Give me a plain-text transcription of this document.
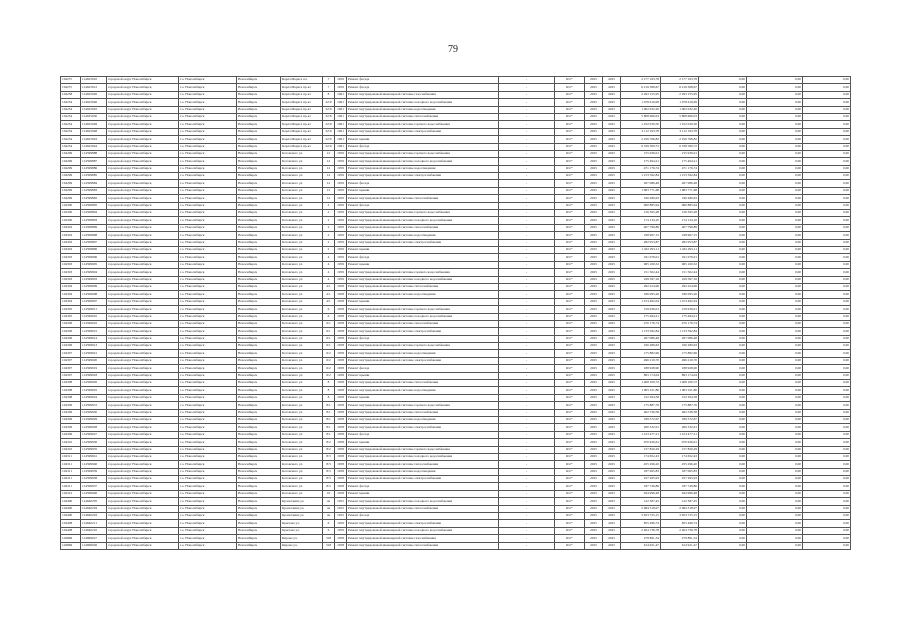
79
104257	114625910	городской округ Новосибирск	г.о. Новосибирск	Новосибирск	Карла Маркса пл.	7	1959	Ремонт фасада	-	RU*	2025	2025	2 177 193,78	2 177 193,78	0,00	0,00	0,00
104257	114625912	городской округ Новосибирск	г.о. Новосибирск	Новосибирск	Карла Маркса пр-кт	7	1959	Ремонт фасада	-	RU*	2025	2025	6 219 368,67	6 219 368,67	0,00	0,00	0,00
104258	114625926	городской округ Новосибирск	г.о. Новосибирск	Новосибирск	Карла Маркса пр-кт	8	1961	Ремонт внутридомовой инженерной системы газоснабжения	-	RU*	2025	2025	2 293 155,95	2 293 155,95	0,00	0,00	0,00
104254	114625946	городской округ Новосибирск	г.о. Новосибирск	Новосибирск	Карла Маркса пр-кт	22/9	1961	Ремонт внутридомовой инженерной системы холодного водоснабжения	-	RU*	2025	2025	1 078 619,09	1 078 619,09	0,00	0,00	0,00
104254	114625945	городской округ Новосибирск	г.о. Новосибирск	Новосибирск	Карла Маркса пр-кт	22/9	1961	Ремонт внутридомовой инженерной системы водоотведения	-	RU*	2025	2025	1 002 032,20	1 002 032,20	0,00	0,00	0,00
104254	114625950	городской округ Новосибирск	г.о. Новосибирск	Новосибирск	Карла Маркса пр-кт	22/9	1961	Ремонт внутридомовой инженерной системы теплоснабжения	-	RU*	2025	2025	5 808 666,03	5 808 666,03	0,00	0,00	0,00
104254	114625949	городской округ Новосибирск	г.о. Новосибирск	Новосибирск	Карла Маркса пр-кт	22/9	1961	Ремонт внутридомовой инженерной системы горячего водоснабжения	-	RU*	2025	2025	1 252 030,50	1 252 030,50	0,00	0,00	0,00
104254	114625948	городской округ Новосибирск	г.о. Новосибирск	Новосибирск	Карла Маркса пр-кт	22/9	1961	Ремонт внутридомовой инженерной системы электроснабжения	-	RU*	2025	2025	3 112 193,78	3 112 193,78	0,00	0,00	0,00
104254	114625943	городской округ Новосибирск	г.о. Новосибирск	Новосибирск	Карла Маркса пр-кт	22/9	1961	Ремонт крыши	-	RU*	2025	2025	2 256 766,82	2 256 766,82	0,00	0,00	0,00
104254	114625944	городской округ Новосибирск	г.о. Новосибирск	Новосибирск	Карла Маркса пр-кт	22/9	1961	Ремонт фасада	-	RU*	2025	2025	6 539 569,72	6 539 569,72	0,00	0,00	0,00
104299	114599888	городской округ Новосибирск	г.о. Новосибирск	Новосибирск	Котовского ул.	12	1959	Ремонт внутридомовой инженерной системы горячего водоснабжения	-	RU*	2025	2025	155 936,01	155 936,01	0,00	0,00	0,00
104299	114599887	городской округ Новосибирск	г.о. Новосибирск	Новосибирск	Котовского ул.	12	1959	Ремонт внутридомовой инженерной системы холодного водоснабжения	-	RU*	2025	2025	175 494,21	175 494,21	0,00	0,00	0,00
104299	114599886	городской округ Новосибирск	г.о. Новосибирск	Новосибирск	Котовского ул.	12	1959	Ремонт внутридомовой инженерной системы водоотведения	-	RU*	2025	2025	471 176,74	471 176,74	0,00	0,00	0,00
104299	114599885	городской округ Новосибирск	г.о. Новосибирск	Новосибирск	Котовского ул.	12	1959	Ремонт внутридомовой инженерной системы электроснабжения	-	RU*	2025	2025	1 153 592,84	1 153 592,84	0,00	0,00	0,00
104299	114599884	городской округ Новосибирск	г.о. Новосибирск	Новосибирск	Котовского ул.	12	1959	Ремонт фасада	-	RU*	2025	2025	267 086,48	267 086,48	0,00	0,00	0,00
104299	114599883	городской округ Новосибирск	г.о. Новосибирск	Новосибирск	Котовского ул.	12	1959	Ремонт крыши	-	RU*	2025	2025	1 683 771,68	1 683 771,68	0,00	0,00	0,00
104299	114599882	городской округ Новосибирск	г.о. Новосибирск	Новосибирск	Котовского ул.	12	1959	Ремонт внутридомовой инженерной системы теплоснабжения	-	RU*	2025	2025	190 280,63	190 280,63	0,00	0,00	0,00
104300	114599895	городской округ Новосибирск	г.о. Новосибирск	Новосибирск	Котовского ул.	2	1959	Ремонт фасада	-	RU*	2025	2025	960 885,94	960 885,94	0,00	0,00	0,00
104300	114599894	городской округ Новосибирск	г.о. Новосибирск	Новосибирск	Котовского ул.	2	1959	Ремонт внутридомовой инженерной системы горячего водоснабжения	-	RU*	2025	2025	156 595,28	156 595,28	0,00	0,00	0,00
104300	114599893	городской округ Новосибирск	г.о. Новосибирск	Новосибирск	Котовского ул.	2	1959	Ремонт внутридомовой инженерной системы холодного водоснабжения	-	RU*	2025	2025	174 134,10	174 134,10	0,00	0,00	0,00
104302	114599899	городской округ Новосибирск	г.о. Новосибирск	Новосибирск	Котовского ул.	2	1959	Ремонт внутридомовой инженерной системы теплоснабжения	-	RU*	2025	2025	407 799,89	407 799,89	0,00	0,00	0,00
104302	114599898	городской округ Новосибирск	г.о. Новосибирск	Новосибирск	Котовского ул.	2	1959	Ремонт внутридомовой инженерной системы водоотведения	-	RU*	2025	2025	198 967,15	198 967,15	0,00	0,00	0,00
104302	114599897	городской округ Новосибирск	г.о. Новосибирск	Новосибирск	Котовского ул.	2	1959	Ремонт внутридомовой инженерной системы электроснабжения	-	RU*	2025	2025	282 953,87	282 953,87	0,00	0,00	0,00
104302	114599896	городской округ Новосибирск	г.о. Новосибирск	Новосибирск	Котовского ул.	2	1959	Ремонт крыши	-	RU*	2025	2025	1 432 293,11	1 432 293,11	0,00	0,00	0,00
104303	114599906	городской округ Новосибирск	г.о. Новосибирск	Новосибирск	Котовского ул.	4	1959	Ремонт фасада	-	RU*	2025	2025	191 076,01	191 076,01	0,00	0,00	0,00
104303	114599905	городской округ Новосибирск	г.о. Новосибирск	Новосибирск	Котовского ул.	4	1959	Ремонт крыши	-	RU*	2025	2025	965 100,52	965 100,52	0,00	0,00	0,00
104303	114599904	городской округ Новосибирск	г.о. Новосибирск	Новосибирск	Котовского ул.	4	1959	Ремонт внутридомовой инженерной системы горячего водоснабжения	-	RU*	2025	2025	151 502,44	151 502,44	0,00	0,00	0,00
104303	114599903	городской округ Новосибирск	г.о. Новосибирск	Новосибирск	Котовского ул.	4	1959	Ремонт внутридомовой инженерной системы холодного водоснабжения	-	RU*	2025	2025	169 597,16	169 597,16	0,00	0,00	0,00
104304	114599909	городской округ Новосибирск	г.о. Новосибирск	Новосибирск	Котовского ул.	4/1	1958	Ремонт внутридомовой инженерной системы теплоснабжения	-	RU*	2025	2025	292 224,96	292 224,96	0,00	0,00	0,00
104304	114599908	городской округ Новосибирск	г.о. Новосибирск	Новосибирск	Котовского ул.	4/1	1958	Ремонт внутридомовой инженерной системы водоотведения	-	RU*	2025	2025	186 095,26	186 095,26	0,00	0,00	0,00
104304	114599907	городской округ Новосибирск	г.о. Новосибирск	Новосибирск	Котовского ул.	4/1	1958	Ремонт крыши	-	RU*	2025	2025	1 474 492,04	1 474 492,04	0,00	0,00	0,00
104305	114599911	городской округ Новосибирск	г.о. Новосибирск	Новосибирск	Котовского ул.	6	1958	Ремонт внутридомовой инженерной системы горячего водоснабжения	-	RU*	2025	2025	159 936,01	159 936,01	0,00	0,00	0,00
104305	114599910	городской округ Новосибирск	г.о. Новосибирск	Новосибирск	Котовского ул.	6	1958	Ремонт внутридомовой инженерной системы холодного водоснабжения	-	RU*	2025	2025	175 494,21	175 494,21	0,00	0,00	0,00
104306	114599916	городской округ Новосибирск	г.о. Новосибирск	Новосибирск	Котовского ул.	6/1	1958	Ремонт внутридомовой инженерной системы теплоснабжения	-	RU*	2025	2025	470 176,74	470 176,74	0,00	0,00	0,00
104306	114599915	городской округ Новосибирск	г.о. Новосибирск	Новосибирск	Котовского ул.	6/1	1958	Ремонт внутридомовой инженерной системы электроснабжения	-	RU*	2025	2025	1 133 592,84	1 133 592,84	0,00	0,00	0,00
104306	114599914	городской округ Новосибирск	г.о. Новосибирск	Новосибирск	Котовского ул.	6/1	1958	Ремонт фасада	-	RU*	2025	2025	267 086,48	267 086,48	0,00	0,00	0,00
104306	114599913	городской округ Новосибирск	г.о. Новосибирск	Новосибирск	Котовского ул.	6/1	1958	Ремонт внутридомовой инженерной системы горячего водоснабжения	-	RU*	2025	2025	190 280,63	190 280,63	0,00	0,00	0,00
104307	114599921	городской округ Новосибирск	г.о. Новосибирск	Новосибирск	Котовского ул.	6/2	1958	Ремонт внутридомовой инженерной системы водоотведения	-	RU*	2025	2025	175 882,96	175 882,96	0,00	0,00	0,00
104307	114599920	городской округ Новосибирск	г.о. Новосибирск	Новосибирск	Котовского ул.	6/2	1958	Ремонт внутридомовой инженерной системы электроснабжения	-	RU*	2025	2025	496 219,70	496 219,70	0,00	0,00	0,00
104307	114599919	городской округ Новосибирск	г.о. Новосибирск	Новосибирск	Котовского ул.	6/2	1958	Ремонт фасада	-	RU*	2025	2025	188 928,90	188 928,90	0,00	0,00	0,00
104307	114599918	городской округ Новосибирск	г.о. Новосибирск	Новосибирск	Котовского ул.	6/2	1958	Ремонт крыши	-	RU*	2025	2025	893 174,04	893 174,04	0,00	0,00	0,00
104308	114599926	городской округ Новосибирск	г.о. Новосибирск	Новосибирск	Котовского ул.	8	1958	Ремонт внутридомовой инженерной системы теплоснабжения	-	RU*	2025	2025	1 408 100,72	1 408 100,72	0,00	0,00	0,00
104308	114599925	городской округ Новосибирск	г.о. Новосибирск	Новосибирск	Котовского ул.	8	1958	Ремонт внутридомовой инженерной системы водоотведения	-	RU*	2025	2025	1 005 011,80	1 005 011,80	0,00	0,00	0,00
104308	114599924	городской округ Новосибирск	г.о. Новосибирск	Новосибирск	Котовского ул.	8	1958	Ремонт крыши	-	RU*	2025	2025	152 294,58	152 294,58	0,00	0,00	0,00
104309	114599931	городской округ Новосибирск	г.о. Новосибирск	Новосибирск	Котовского ул.	8/1	1958	Ремонт внутридомовой инженерной системы горячего водоснабжения	-	RU*	2025	2025	175 887,76	175 887,76	0,00	0,00	0,00
104309	114599930	городской округ Новосибирск	г.о. Новосибирск	Новосибирск	Котовского ул.	8/1	1958	Ремонт внутридомовой инженерной системы теплоснабжения	-	RU*	2025	2025	462 536,58	462 536,58	0,00	0,00	0,00
104309	114599929	городской округ Новосибирск	г.о. Новосибирск	Новосибирск	Котовского ул.	8/1	1958	Ремонт внутридомовой инженерной системы водоотведения	-	RU*	2025	2025	189 572,67	189 572,67	0,00	0,00	0,00
104309	114599928	городской округ Новосибирск	г.о. Новосибирск	Новосибирск	Котовского ул.	8/1	1958	Ремонт внутридомовой инженерной системы электроснабжения	-	RU*	2025	2025	260 332,91	260 332,91	0,00	0,00	0,00
104309	114599927	городской округ Новосибирск	г.о. Новосибирск	Новосибирск	Котовского ул.	8/1	1958	Ремонт фасада	-	RU*	2025	2025	1 413 477,21	1 413 477,21	0,00	0,00	0,00
104310	114599936	городской округ Новосибирск	г.о. Новосибирск	Новосибирск	Котовского ул.	8/2	1958	Ремонт крыши	-	RU*	2025	2025	970 926,61	970 926,61	0,00	0,00	0,00
104310	114599935	городской округ Новосибирск	г.о. Новосибирск	Новосибирск	Котовского ул.	8/2	1958	Ремонт внутридомовой инженерной системы горячего водоснабжения	-	RU*	2025	2025	157 820,29	157 820,29	0,00	0,00	0,00
104311	114599941	городской округ Новосибирск	г.о. Новосибирск	Новосибирск	Котовского ул.	8/3	1958	Ремонт внутридомовой инженерной системы холодного водоснабжения	-	RU*	2025	2025	174 652,43	174 652,43	0,00	0,00	0,00
104311	114599940	городской округ Новосибирск	г.о. Новосибирск	Новосибирск	Котовского ул.	8/3	1958	Ремонт внутридомовой инженерной системы теплоснабжения	-	RU*	2025	2025	455 296,20	455 296,20	0,00	0,00	0,00
104311	114599939	городской округ Новосибирск	г.о. Новосибирск	Новосибирск	Котовского ул.	8/3	1958	Ремонт внутридомовой инженерной системы водоотведения	-	RU*	2025	2025	187 065,83	187 065,83	0,00	0,00	0,00
104311	114599938	городской округ Новосибирск	г.о. Новосибирск	Новосибирск	Котовского ул.	8/3	1958	Ремонт внутридомовой инженерной системы электроснабжения	-	RU*	2025	2025	257 265,93	257 265,93	0,00	0,00	0,00
104311	114599937	городской округ Новосибирск	г.о. Новосибирск	Новосибирск	Котовского ул.	8/3	1958	Ремонт фасада	-	RU*	2025	2025	187 749,86	187 749,86	0,00	0,00	0,00
104312	114599946	городской округ Новосибирск	г.о. Новосибирск	Новосибирск	Котовского ул.	10	1958	Ремонт крыши	-	RU*	2025	2025	944 996,48	944 996,48	0,00	0,00	0,00
104400	114640205	городской округ Новосибирск	г.о. Новосибирск	Новосибирск	Кропоткина ул.	4а	1952	Ремонт внутридомовой инженерной системы холодного водоснабжения	-	RU*	2025	2025	122 387,45	122 387,45	0,00	0,00	0,00
104400	114640204	городской округ Новосибирск	г.о. Новосибирск	Новосибирск	Кропоткина ул.	4а	1952	Ремонт внутридомовой инженерной системы теплоснабжения	-	RU*	2025	2025	2 084 318,07	2 084 318,07	0,00	0,00	0,00
104400	114640203	городской округ Новосибирск	г.о. Новосибирск	Новосибирск	Кропоткина ул.	4а	1952	Ремонт фасада	-	RU*	2025	2025	3 653 725,15	3 653 725,15	0,00	0,00	0,00
104408	114640211	городской округ Новосибирск	г.о. Новосибирск	Новосибирск	Крылова ул.	6	1959	Ремонт внутридомовой инженерной системы электроснабжения	-	RU*	2025	2025	855 496,74	855 496,74	0,00	0,00	0,00
104408	114640210	городской округ Новосибирск	г.о. Новосибирск	Новосибирск	Крылова ул.	6	1959	Ремонт внутридомовой инженерной системы холодного водоснабжения	-	RU*	2025	2025	2 404 736,78	2 404 736,78	0,00	0,00	0,00
104866	114696027	городской округ Новосибирск	г.о. Новосибирск	Новосибирск	Кирова ул.	318	1958	Ремонт внутридомовой инженерной системы газоснабжения	-	RU*	2025	2025	279 891,34	279 891,34	0,00	0,00	0,00
104866	114696026	городской округ Новосибирск	г.о. Новосибирск	Новосибирск	Кирова ул.	318	1958	Ремонт внутридомовой инженерной системы теплоснабжения	-	RU*	2025	2025	614 921,47	614 921,47	0,00	0,00	0,00
